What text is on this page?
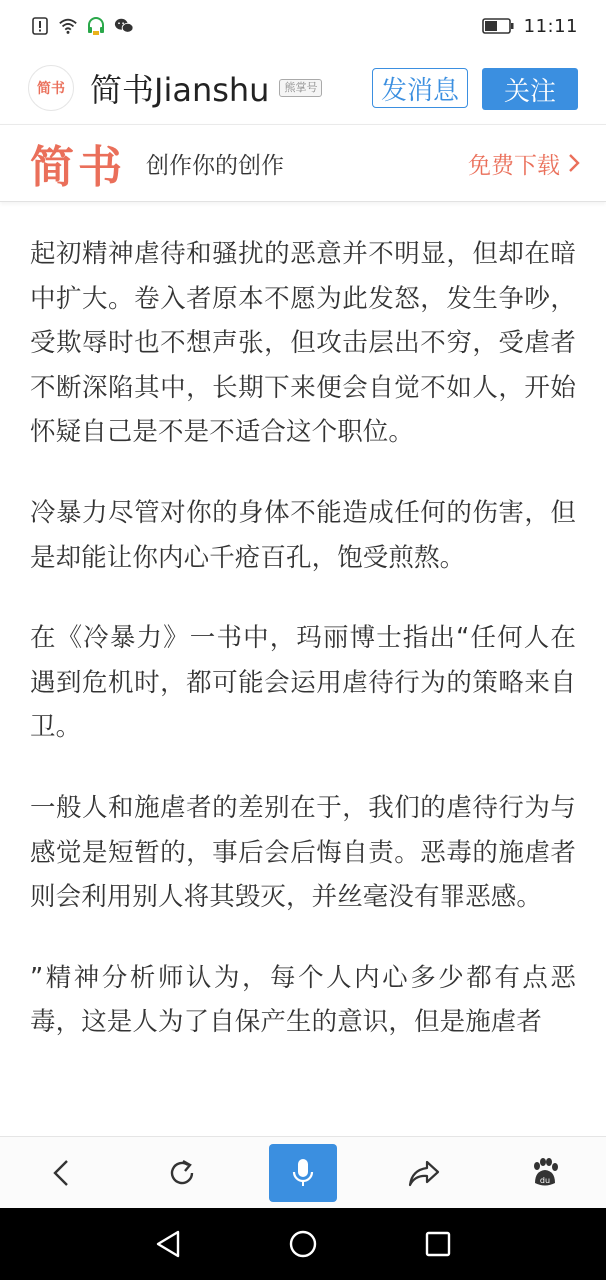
11:11
简书 简书Jianshu	熊掌号	发消息	关注
简书 创作你的创作	免费下载

起初精神虐待和骚扰的恶意并不明显，但却在暗中扩大。卷入者原本不愿为此发怒，发生争吵，受欺辱时也不想声张，但攻击层出不穷，受虐者不断深陷其中，长期下来便会自觉不如人，开始怀疑自己是不是不适合这个职位。

冷暴力尽管对你的身体不能造成任何的伤害，但是却能让你内心千疮百孔，饱受煎熬。

在《冷暴力》一书中，玛丽博士指出“任何人在遇到危机时，都可能会运用虐待行为的策略来自卫。

一般人和施虐者的差别在于，我们的虐待行为与感觉是短暂的，事后会后悔自责。恶毒的施虐者则会利用别人将其毁灭，并丝毫没有罪恶感。

”精神分析师认为，每个人内心多少都有点恶毒，这是人为了自保产生的意识，但是施虐者

du
